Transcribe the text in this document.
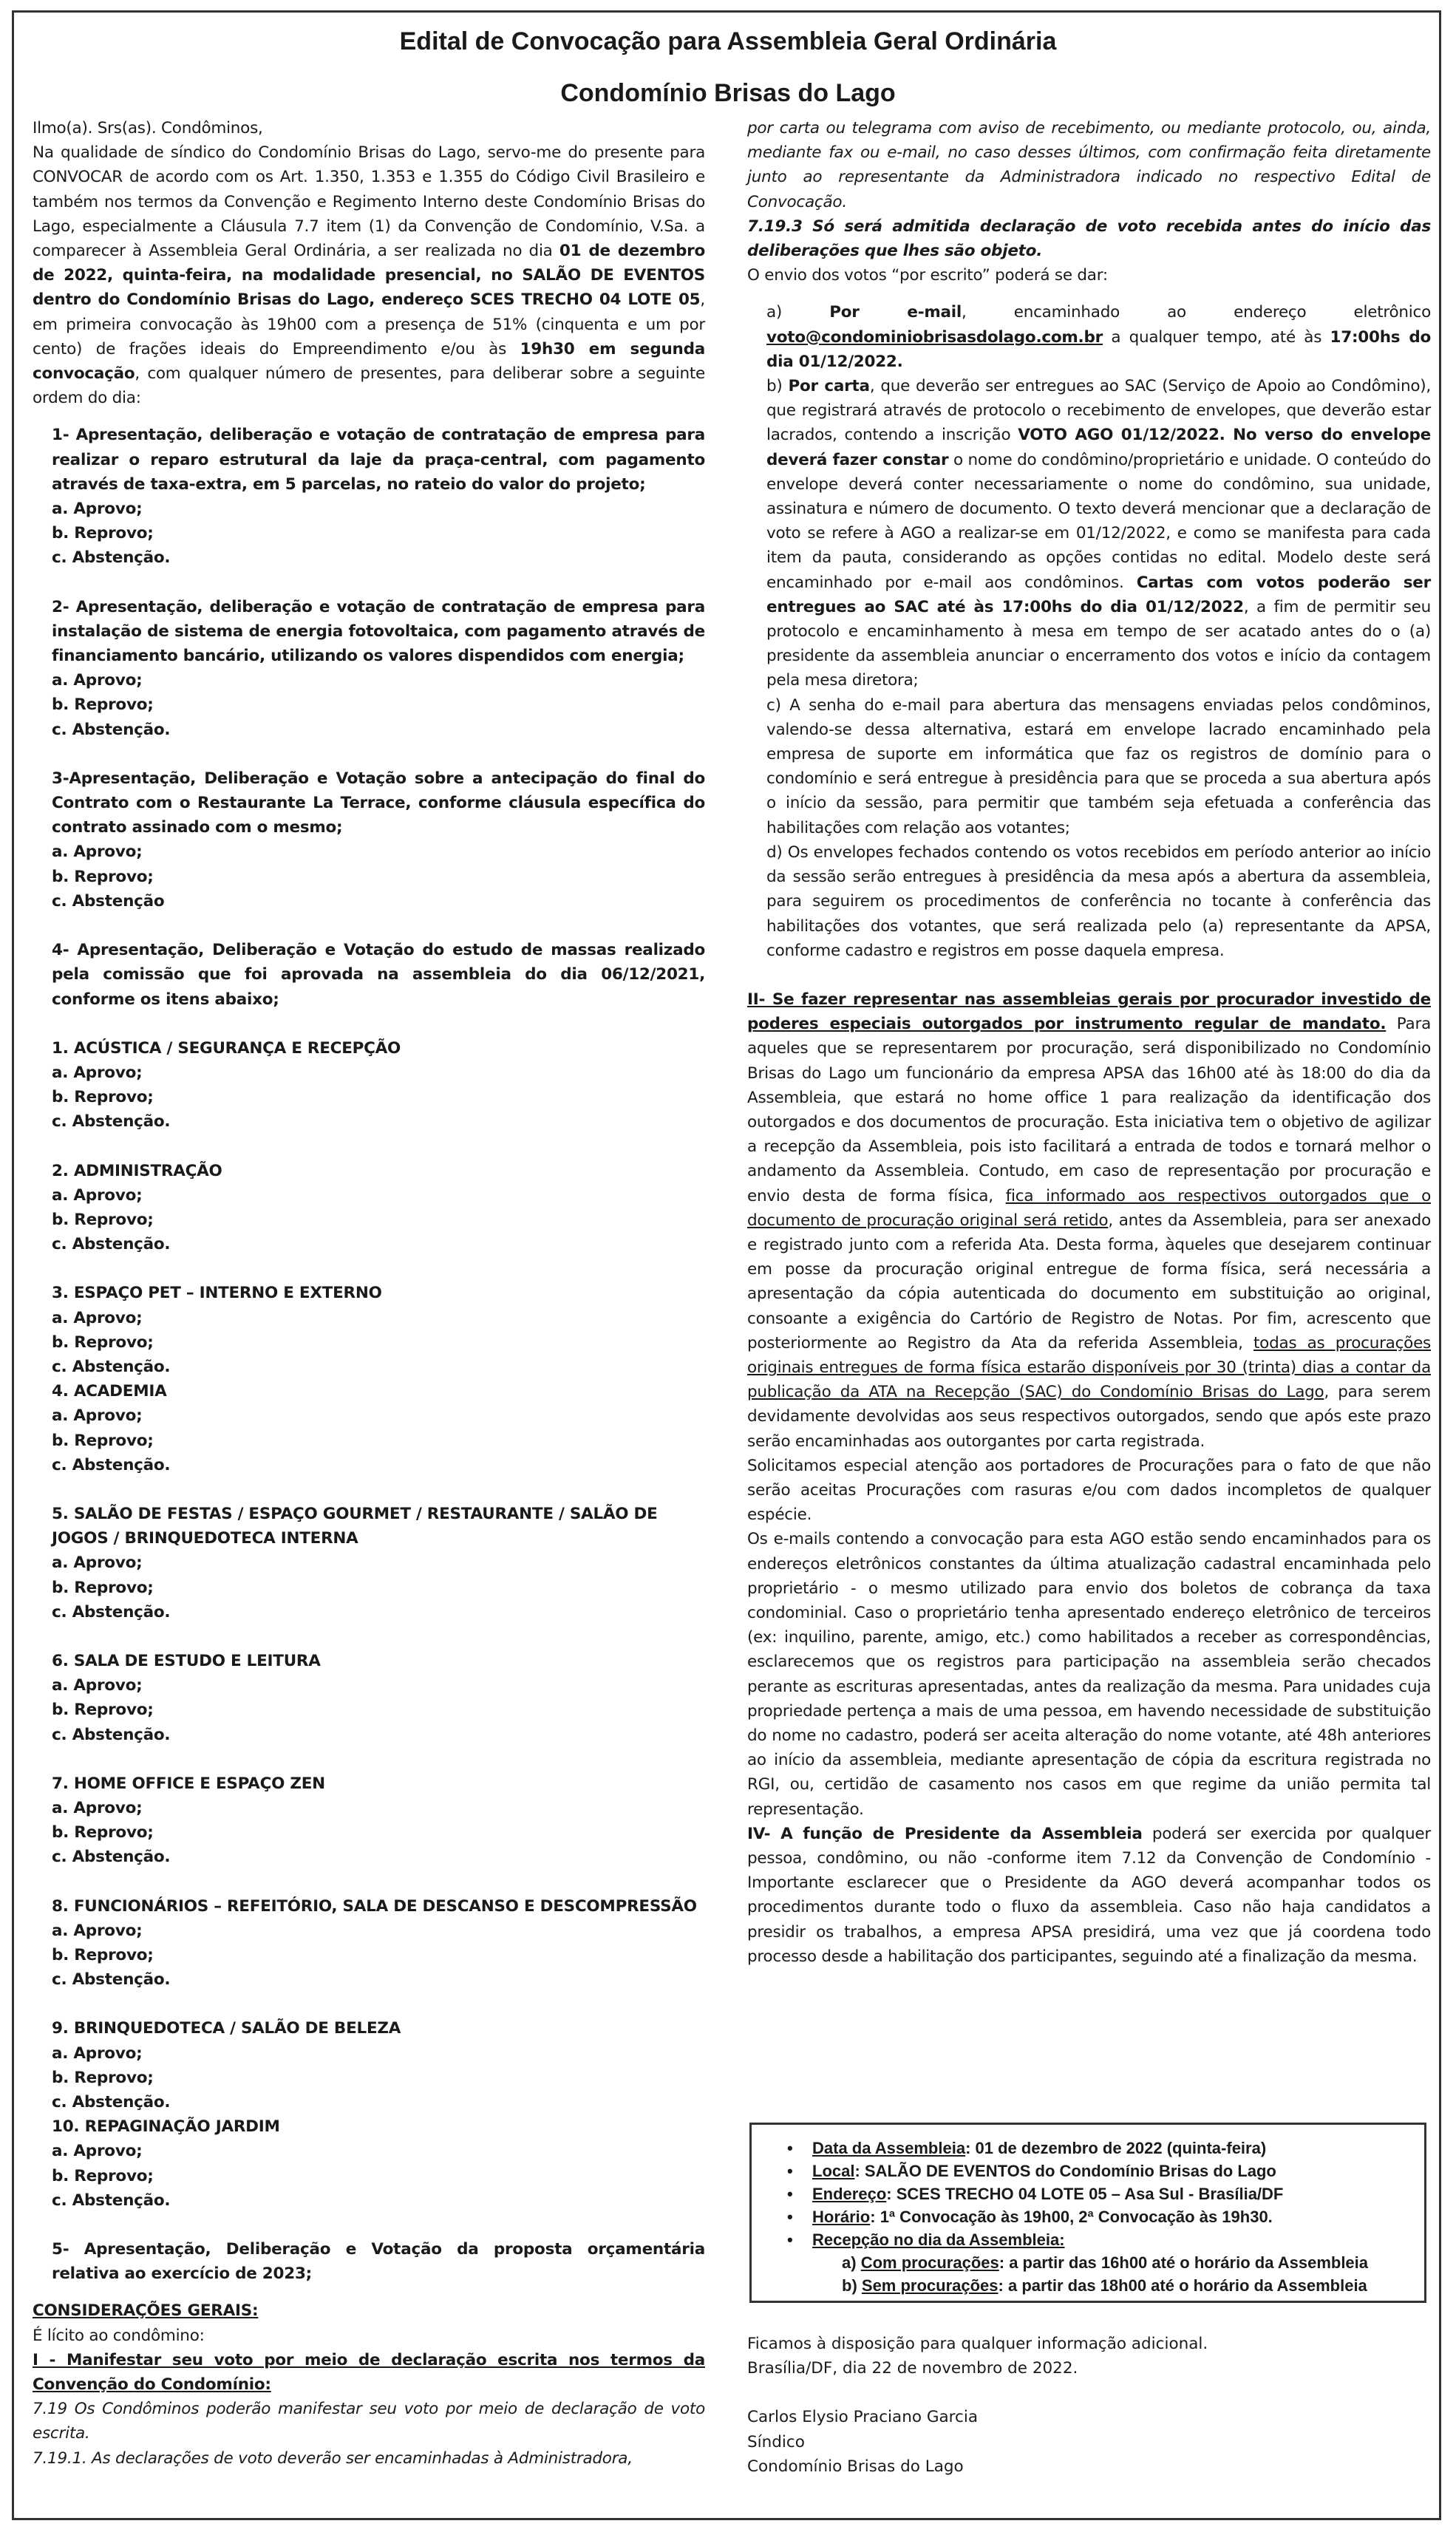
Edital de Convocação para Assembleia Geral Ordinária
Condomínio Brisas do Lago

Ilmo(a). Srs(as). Condôminos,

Na qualidade de síndico do Condomínio Brisas do Lago, servo-me do presente para CONVOCAR de acordo com os Art. 1.350, 1.353 e 1.355 do Código Civil Brasileiro e também nos termos da Convenção e Regimento Interno deste Condomínio Brisas do Lago, especialmente a Cláusula 7.7 item (1) da Convenção de Condomínio, V.Sa. a comparecer à Assembleia Geral Ordinária, a ser realizada no dia 01 de dezembro de 2022, quinta-feira, na modalidade presencial, no SALÃO DE EVENTOS dentro do Condomínio Brisas do Lago, endereço SCES TRECHO 04 LOTE 05, em primeira convocação às 19h00 com a presença de 51% (cinquenta e um por cento) de frações ideais do Empreendimento e/ou às 19h30 em segunda convocação, com qualquer número de presentes, para deliberar sobre a seguinte ordem do dia:

1- Apresentação, deliberação e votação de contratação de empresa para realizar o reparo estrutural da laje da praça-central, com pagamento através de taxa-extra, em 5 parcelas, no rateio do valor do projeto;

a. Aprovo;

b. Reprovo;

c. Abstenção.

2- Apresentação, deliberação e votação de contratação de empresa para instalação de sistema de energia fotovoltaica, com pagamento através de financiamento bancário, utilizando os valores dispendidos com energia;

a. Aprovo;

b. Reprovo;

c. Abstenção.

3-Apresentação, Deliberação e Votação sobre a antecipação do final do Contrato com o Restaurante La Terrace, conforme cláusula específica do contrato assinado com o mesmo;

a. Aprovo;

b. Reprovo;

c. Abstenção

4- Apresentação, Deliberação e Votação do estudo de massas realizado pela comissão que foi aprovada na assembleia do dia 06/12/2021, conforme os itens abaixo;

1. ACÚSTICA / SEGURANÇA E RECEPÇÃO

a. Aprovo;

b. Reprovo;

c. Abstenção.

2. ADMINISTRAÇÃO

a. Aprovo;

b. Reprovo;

c. Abstenção.

3. ESPAÇO PET – INTERNO E EXTERNO

a. Aprovo;

b. Reprovo;

c. Abstenção.

4. ACADEMIA

a. Aprovo;

b. Reprovo;

c. Abstenção.

5. SALÃO DE FESTAS / ESPAÇO GOURMET / RESTAURANTE / SALÃO DE JOGOS / BRINQUEDOTECA INTERNA

a. Aprovo;

b. Reprovo;

c. Abstenção.

6. SALA DE ESTUDO E LEITURA

a. Aprovo;

b. Reprovo;

c. Abstenção.

7. HOME OFFICE E ESPAÇO ZEN

a. Aprovo;

b. Reprovo;

c. Abstenção.

8. FUNCIONÁRIOS – REFEITÓRIO, SALA DE DESCANSO E DESCOMPRESSÃO

a. Aprovo;

b. Reprovo;

c. Abstenção.

9. BRINQUEDOTECA / SALÃO DE BELEZA

a. Aprovo;

b. Reprovo;

c. Abstenção.

10. REPAGINAÇÃO JARDIM

a. Aprovo;

b. Reprovo;

c. Abstenção.

5- Apresentação, Deliberação e Votação da proposta orçamentária relativa ao exercício de 2023;

CONSIDERAÇÕES GERAIS:

É lícito ao condômino:

I - Manifestar seu voto por meio de declaração escrita nos termos da Convenção do Condomínio:

7.19 Os Condôminos poderão manifestar seu voto por meio de declaração de voto escrita.

7.19.1. As declarações de voto deverão ser encaminhadas à Administradora,

por carta ou telegrama com aviso de recebimento, ou mediante protocolo, ou, ainda, mediante fax ou e-mail, no caso desses últimos, com confirmação feita diretamente junto ao representante da Administradora indicado no respectivo Edital de Convocação.

7.19.3 Só será admitida declaração de voto recebida antes do início das deliberações que lhes são objeto.

O envio dos votos “por escrito” poderá se dar:

a) Por e-mail, encaminhado ao endereço eletrônico voto@condominiobrisasdolago.com.br a qualquer tempo, até às 17:00hs do dia 01/12/2022.

b) Por carta, que deverão ser entregues ao SAC (Serviço de Apoio ao Condômino), que registrará através de protocolo o recebimento de envelopes, que deverão estar lacrados, contendo a inscrição VOTO AGO 01/12/2022. No verso do envelope deverá fazer constar o nome do condômino/proprietário e unidade. O conteúdo do envelope deverá conter necessariamente o nome do condômino, sua unidade, assinatura e número de documento. O texto deverá mencionar que a declaração de voto se refere à AGO a realizar-se em 01/12/2022, e como se manifesta para cada item da pauta, considerando as opções contidas no edital. Modelo deste será encaminhado por e-mail aos condôminos. Cartas com votos poderão ser entregues ao SAC até às 17:00hs do dia 01/12/2022, a fim de permitir seu protocolo e encaminhamento à mesa em tempo de ser acatado antes do o (a) presidente da assembleia anunciar o encerramento dos votos e início da contagem pela mesa diretora;

c) A senha do e-mail para abertura das mensagens enviadas pelos condôminos, valendo-se dessa alternativa, estará em envelope lacrado encaminhado pela empresa de suporte em informática que faz os registros de domínio para o condomínio e será entregue à presidência para que se proceda a sua abertura após o início da sessão, para permitir que também seja efetuada a conferência das habilitações com relação aos votantes;

d) Os envelopes fechados contendo os votos recebidos em período anterior ao início da sessão serão entregues à presidência da mesa após a abertura da assembleia, para seguirem os procedimentos de conferência no tocante à conferência das habilitações dos votantes, que será realizada pelo (a) representante da APSA, conforme cadastro e registros em posse daquela empresa.

II- Se fazer representar nas assembleias gerais por procurador investido de poderes especiais outorgados por instrumento regular de mandato. Para aqueles que se representarem por procuração, será disponibilizado no Condomínio Brisas do Lago um funcionário da empresa APSA das 16h00 até às 18:00 do dia da Assembleia, que estará no home office 1 para realização da identificação dos outorgados e dos documentos de procuração. Esta iniciativa tem o objetivo de agilizar a recepção da Assembleia, pois isto facilitará a entrada de todos e tornará melhor o andamento da Assembleia. Contudo, em caso de representação por procuração e envio desta de forma física, fica informado aos respectivos outorgados que o documento de procuração original será retido, antes da Assembleia, para ser anexado e registrado junto com a referida Ata. Desta forma, àqueles que desejarem continuar em posse da procuração original entregue de forma física, será necessária a apresentação da cópia autenticada do documento em substituição ao original, consoante a exigência do Cartório de Registro de Notas. Por fim, acrescento que posteriormente ao Registro da Ata da referida Assembleia, todas as procurações originais entregues de forma física estarão disponíveis por 30 (trinta) dias a contar da publicação da ATA na Recepção (SAC) do Condomínio Brisas do Lago, para serem devidamente devolvidas aos seus respectivos outorgados, sendo que após este prazo serão encaminhadas aos outorgantes por carta registrada.

Solicitamos especial atenção aos portadores de Procurações para o fato de que não serão aceitas Procurações com rasuras e/ou com dados incompletos de qualquer espécie.

Os e-mails contendo a convocação para esta AGO estão sendo encaminhados para os endereços eletrônicos constantes da última atualização cadastral encaminhada pelo proprietário - o mesmo utilizado para envio dos boletos de cobrança da taxa condominial. Caso o proprietário tenha apresentado endereço eletrônico de terceiros (ex: inquilino, parente, amigo, etc.) como habilitados a receber as correspondências, esclarecemos que os registros para participação na assembleia serão checados perante as escrituras apresentadas, antes da realização da mesma. Para unidades cuja propriedade pertença a mais de uma pessoa, em havendo necessidade de substituição do nome no cadastro, poderá ser aceita alteração do nome votante, até 48h anteriores ao início da assembleia, mediante apresentação de cópia da escritura registrada no RGI, ou, certidão de casamento nos casos em que regime da união permita tal representação.

IV- A função de Presidente da Assembleia poderá ser exercida por qualquer pessoa, condômino, ou não -conforme item 7.12 da Convenção de Condomínio - Importante esclarecer que o Presidente da AGO deverá acompanhar todos os procedimentos durante todo o fluxo da assembleia. Caso não haja candidatos a presidir os trabalhos, a empresa APSA presidirá, uma vez que já coordena todo processo desde a habilitação dos participantes, seguindo até a finalização da mesma.

• Data da Assembleia: 01 de dezembro de 2022 (quinta-feira)
• Local: SALÃO DE EVENTOS do Condomínio Brisas do Lago
• Endereço: SCES TRECHO 04 LOTE 05 – Asa Sul - Brasília/DF
• Horário: 1ª Convocação às 19h00, 2ª Convocação às 19h30.
• Recepção no dia da Assembleia:
a) Com procurações: a partir das 16h00 até o horário da Assembleia
b) Sem procurações: a partir das 18h00 até o horário da Assembleia

Ficamos à disposição para qualquer informação adicional.

Brasília/DF, dia 22 de novembro de 2022.

Carlos Elysio Praciano Garcia

Síndico

Condomínio Brisas do Lago
